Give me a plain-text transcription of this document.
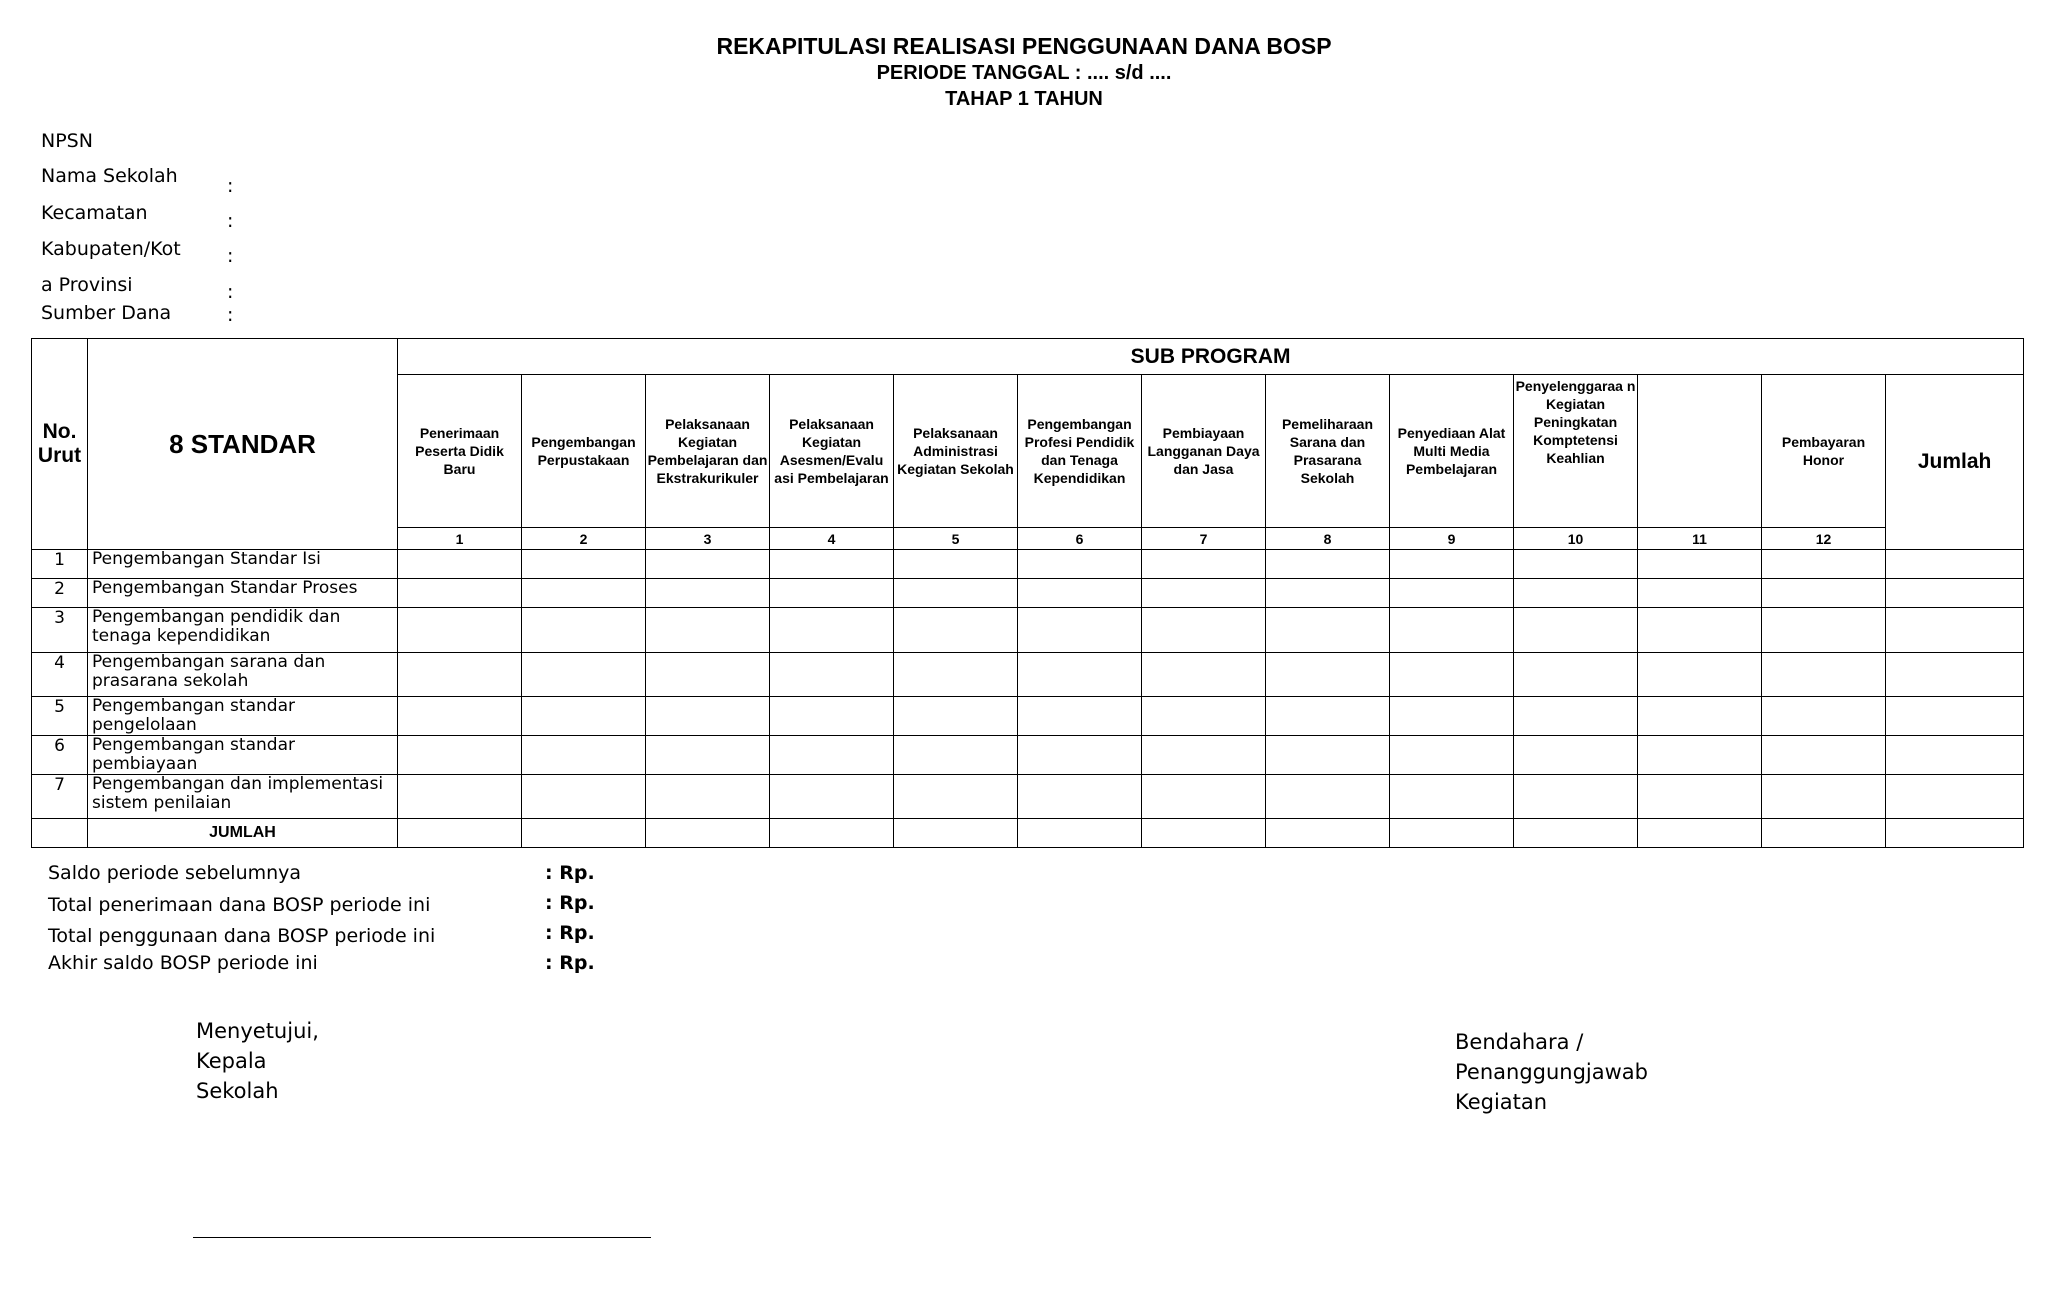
REKAPITULASI REALISASI PENGGUNAAN DANA BOSP
PERIODE TANGGAL : .... s/d ....
TAHAP 1 TAHUN
NPSN
Nama Sekolah	:
Kecamatan	:
Kabupaten/Kot :
a Provinsi	:
Sumber Dana	:
No. Urut	8 STANDAR	SUB PROGRAM												
		Penerimaan Peserta Didik Baru	Pengembangan Perpustakaan	Pelaksanaan Kegiatan Pembelajaran dan Ekstrakurikuler	Pelaksanaan Kegiatan Asesmen/Evalu asi Pembelajaran	Pelaksanaan Administrasi Kegiatan Sekolah	Pengembangan Profesi Pendidik dan Tenaga Kependidikan	Pembiayaan Langganan Daya dan Jasa	Pemeliharaan Sarana dan Prasarana Sekolah	Penyediaan Alat Multi Media Pembelajaran	Penyelenggaraa n Kegiatan Peningkatan Komptetensi Keahlian		Pembayaran Honor	Jumlah
		1	2	3	4	5	6	7	8	9	10	11	12	
1	Pengembangan Standar Isi													
2	Pengembangan Standar Proses													
3	Pengembangan pendidik dan tenaga kependidikan													
4	Pengembangan sarana dan prasarana sekolah													
5	Pengembangan standar pengelolaan													
6	Pengembangan standar pembiayaan													
7	Pengembangan dan implementasi sistem penilaian													
	JUMLAH													
Saldo periode sebelumnya	: Rp.
Total penerimaan dana BOSP periode ini	: Rp.
Total penggunaan dana BOSP periode ini	: Rp.
Akhir saldo BOSP periode ini	: Rp.
Menyetujui,
Kepala
Sekolah
Bendahara /
Penanggungjawab
Kegiatan
